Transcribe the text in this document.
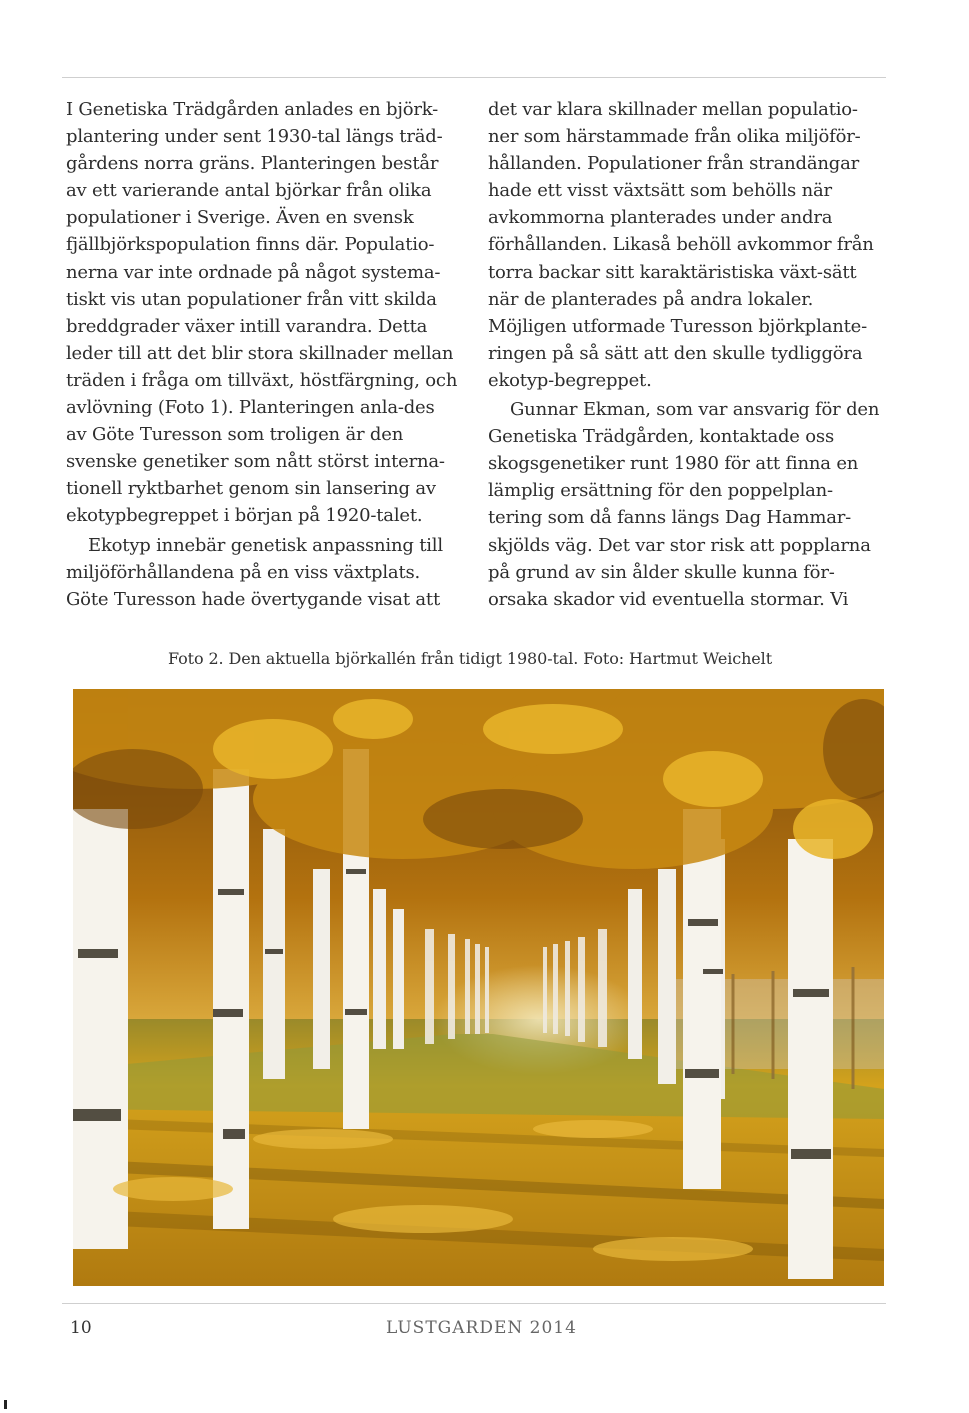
I Genetiska Trädgården anlades en björk-plantering under sent 1930-tal längs träd-gårdens norra gräns. Planteringen består av ett varierande antal björkar från olika populationer i Sverige. Även en svensk fjällbjörkspopulation finns där. Populatio-nerna var inte ordnade på något systema-tiskt vis utan populationer från vitt skilda breddgrader växer intill varandra. Detta leder till att det blir stora skillnader mellan träden i fråga om tillväxt, höstfärgning, och avlövning (Foto 1). Planteringen anla-des av Göte Turesson som troligen är den svenske genetiker som nått störst interna-tionell ryktbarhet genom sin lansering av ekotypbegreppet i början på 1920-talet.

Ekotyp innebär genetisk anpassning till miljöförhållandena på en viss växtplats. Göte Turesson hade övertygande visat att

det var klara skillnader mellan populatio-ner som härstammade från olika miljöför-hållanden. Populationer från strandängar hade ett visst växtsätt som behölls när avkommorna planterades under andra förhållanden. Likaså behöll avkommor från torra backar sitt karaktäristiska växt-sätt när de planterades på andra lokaler. Möjligen utformade Turesson björkplante-ringen på så sätt att den skulle tydliggöra ekotyp-begreppet.

Gunnar Ekman, som var ansvarig för den Genetiska Trädgården, kontaktade oss skogsgenetiker runt 1980 för att finna en lämplig ersättning för den poppelplan-tering som då fanns längs Dag Hammar-skjölds väg. Det var stor risk att popplarna på grund av sin ålder skulle kunna för-orsaka skador vid eventuella stormar. Vi

Foto 2. Den aktuella björkallén från tidigt 1980-tal. Foto: Hartmut Weichelt
10	LUSTGARDEN 2014
